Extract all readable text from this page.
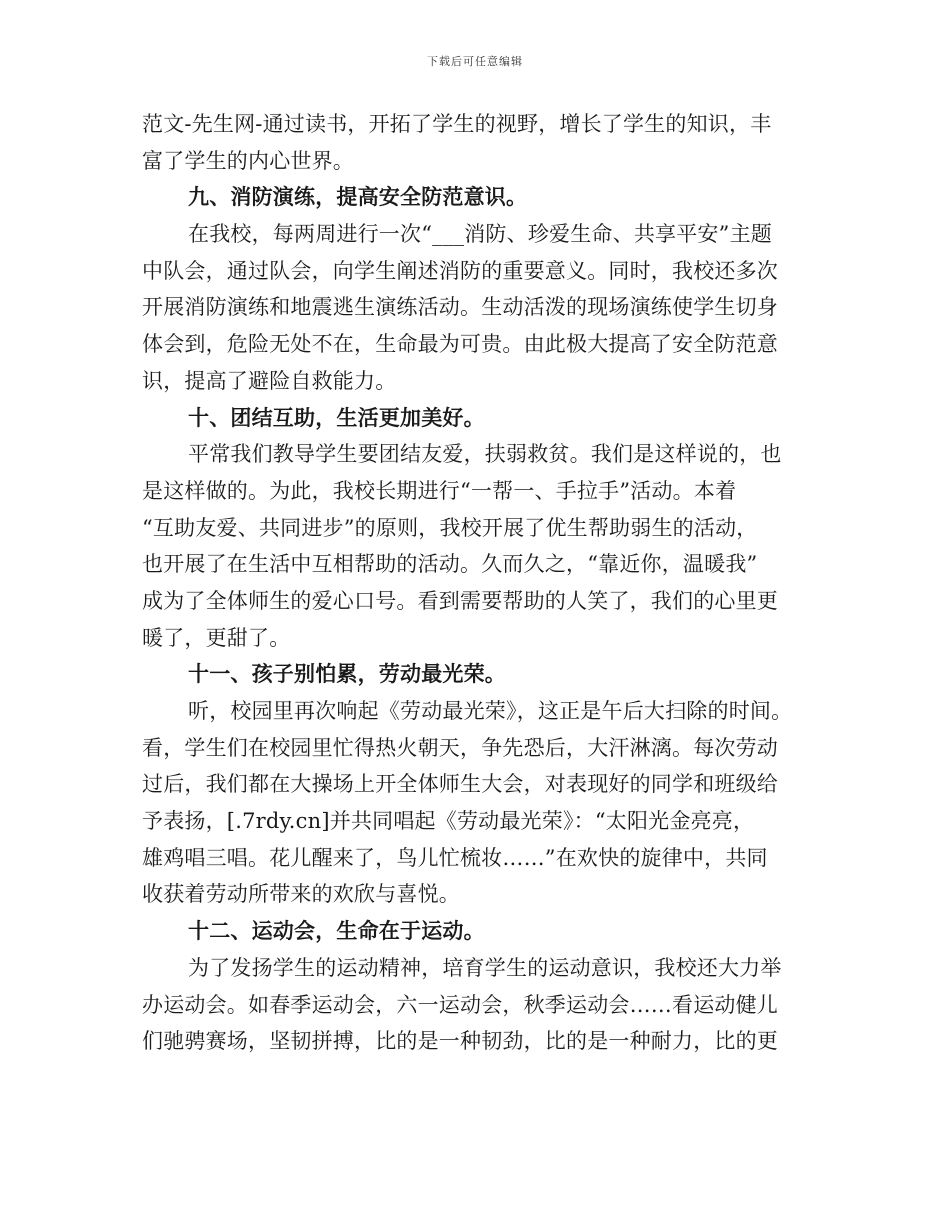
下载后可任意编辑
范文-先生网-通过读书，开拓了学生的视野，增长了学生的知识，丰
富了学生的内心世界。
九、消防演练，提高安全防范意识。
在我校，每两周进行一次“___消防、珍爱生命、共享平安”主题
中队会，通过队会，向学生阐述消防的重要意义。同时，我校还多次
开展消防演练和地震逃生演练活动。生动活泼的现场演练使学生切身
体会到，危险无处不在，生命最为可贵。由此极大提高了安全防范意
识，提高了避险自救能力。
十、团结互助，生活更加美好。
平常我们教导学生要团结友爱，扶弱救贫。我们是这样说的，也
是这样做的。为此，我校长期进行“一帮一、手拉手”活动。本着
“互助友爱、共同进步”的原则，我校开展了优生帮助弱生的活动，
也开展了在生活中互相帮助的活动。久而久之，“靠近你，温暖我”
成为了全体师生的爱心口号。看到需要帮助的人笑了，我们的心里更
暖了，更甜了。
十一、孩子别怕累，劳动最光荣。
听，校园里再次响起《劳动最光荣》，这正是午后大扫除的时间。
看，学生们在校园里忙得热火朝天，争先恐后，大汗淋漓。每次劳动
过后，我们都在大操场上开全体师生大会，对表现好的同学和班级给
予表扬，[.7rdy.cn]并共同唱起《劳动最光荣》：“太阳光金亮亮，
雄鸡唱三唱。花儿醒来了，鸟儿忙梳妆……”在欢快的旋律中，共同
收获着劳动所带来的欢欣与喜悦。
十二、运动会，生命在于运动。
为了发扬学生的运动精神，培育学生的运动意识，我校还大力举
办运动会。如春季运动会，六一运动会，秋季运动会……看运动健儿
们驰骋赛场，坚韧拼搏，比的是一种韧劲，比的是一种耐力，比的更
